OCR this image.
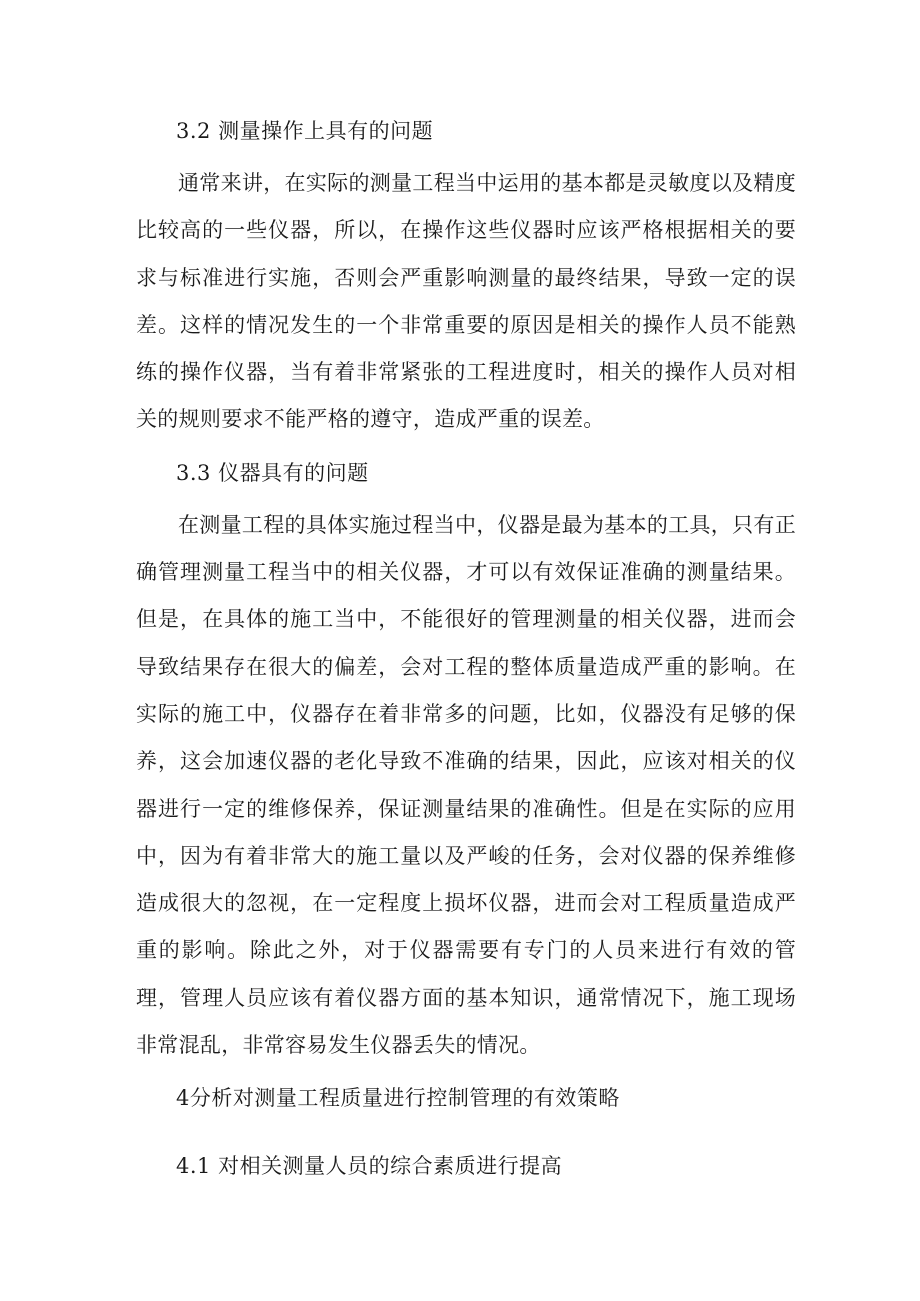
3.2 测量操作上具有的问题

通常来讲，在实际的测量工程当中运用的基本都是灵敏度以及精度比较高的一些仪器，所以，在操作这些仪器时应该严格根据相关的要求与标准进行实施，否则会严重影响测量的最终结果，导致一定的误差。这样的情况发生的一个非常重要的原因是相关的操作人员不能熟练的操作仪器，当有着非常紧张的工程进度时，相关的操作人员对相关的规则要求不能严格的遵守，造成严重的误差。

3.3 仪器具有的问题

在测量工程的具体实施过程当中，仪器是最为基本的工具，只有正确管理测量工程当中的相关仪器，才可以有效保证准确的测量结果。但是，在具体的施工当中，不能很好的管理测量的相关仪器，进而会导致结果存在很大的偏差，会对工程的整体质量造成严重的影响。在实际的施工中，仪器存在着非常多的问题，比如，仪器没有足够的保养，这会加速仪器的老化导致不准确的结果，因此，应该对相关的仪器进行一定的维修保养，保证测量结果的准确性。但是在实际的应用中，因为有着非常大的施工量以及严峻的任务，会对仪器的保养维修造成很大的忽视，在一定程度上损坏仪器，进而会对工程质量造成严重的影响。除此之外，对于仪器需要有专门的人员来进行有效的管理，管理人员应该有着仪器方面的基本知识，通常情况下，施工现场非常混乱，非常容易发生仪器丢失的情况。

4分析对测量工程质量进行控制管理的有效策略
4.1 对相关测量人员的综合素质进行提高
